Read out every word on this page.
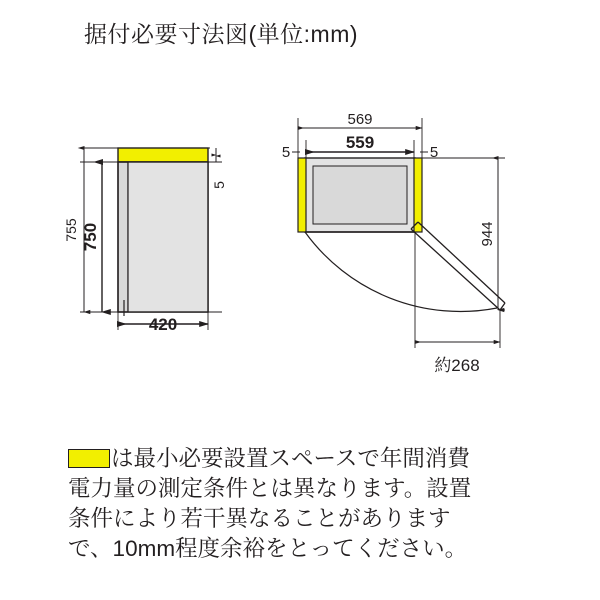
据付必要寸法図(単位:mm)
755 750
5
420
569
559
5	5
944
約268
は最小必要設置スペースで年間消費
電力量の測定条件とは異なります。設置
条件により若干異なることがあります
で、10mm程度余裕をとってください。
